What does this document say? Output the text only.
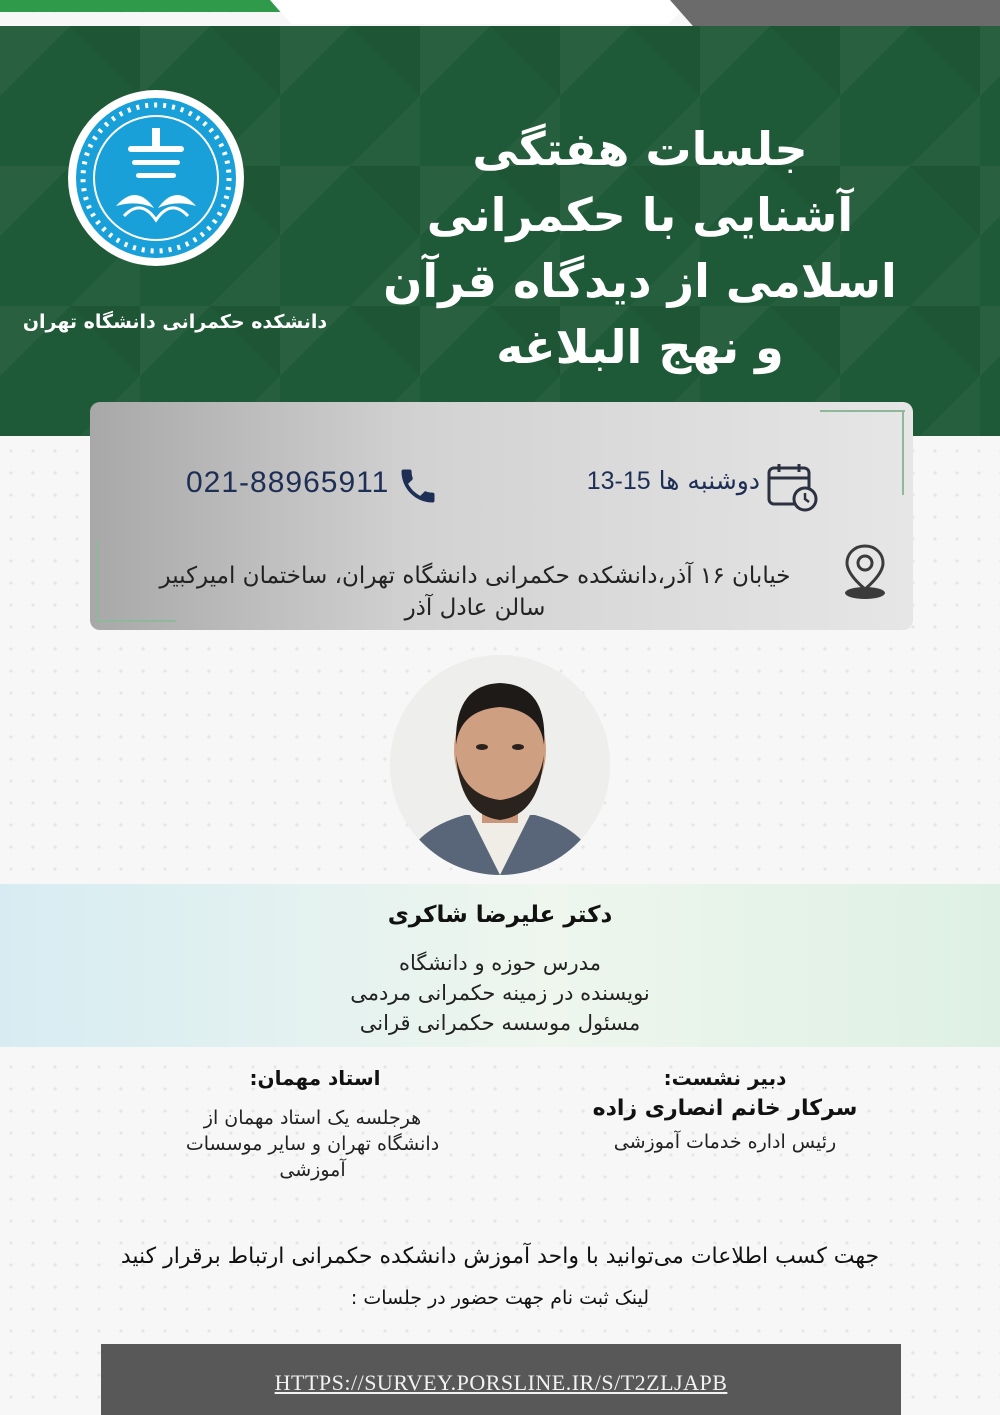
دانشکده حکمرانی دانشگاه تهران
جلسات هفتگی
آشنایی با حکمرانی
اسلامی از دیدگاه قرآن
و نهج البلاغه
021-88965911	دوشنبه ها 13-15
خیابان ۱۶ آذر،دانشکده حکمرانی دانشگاه تهران، ساختمان امیرکبیر
سالن عادل آذر
دکتر علیرضا شاکری
مدرس حوزه و دانشگاه
نویسنده در زمینه حکمرانی مردمی
مسئول موسسه حکمرانی قرانی
دبیر نشست:
سرکار خانم انصاری زاده
رئیس اداره خدمات آموزشی
استاد مهمان:
هرجلسه یک استاد مهمان از
دانشگاه تهران و سایر موسسات
آموزشی
جهت کسب اطلاعات می‌توانید با واحد آموزش دانشکده حکمرانی ارتباط برقرار کنید
لینک ثبت نام جهت حضور در جلسات :
HTTPS://SURVEY.PORSLINE.IR/S/T2ZLJAPB
